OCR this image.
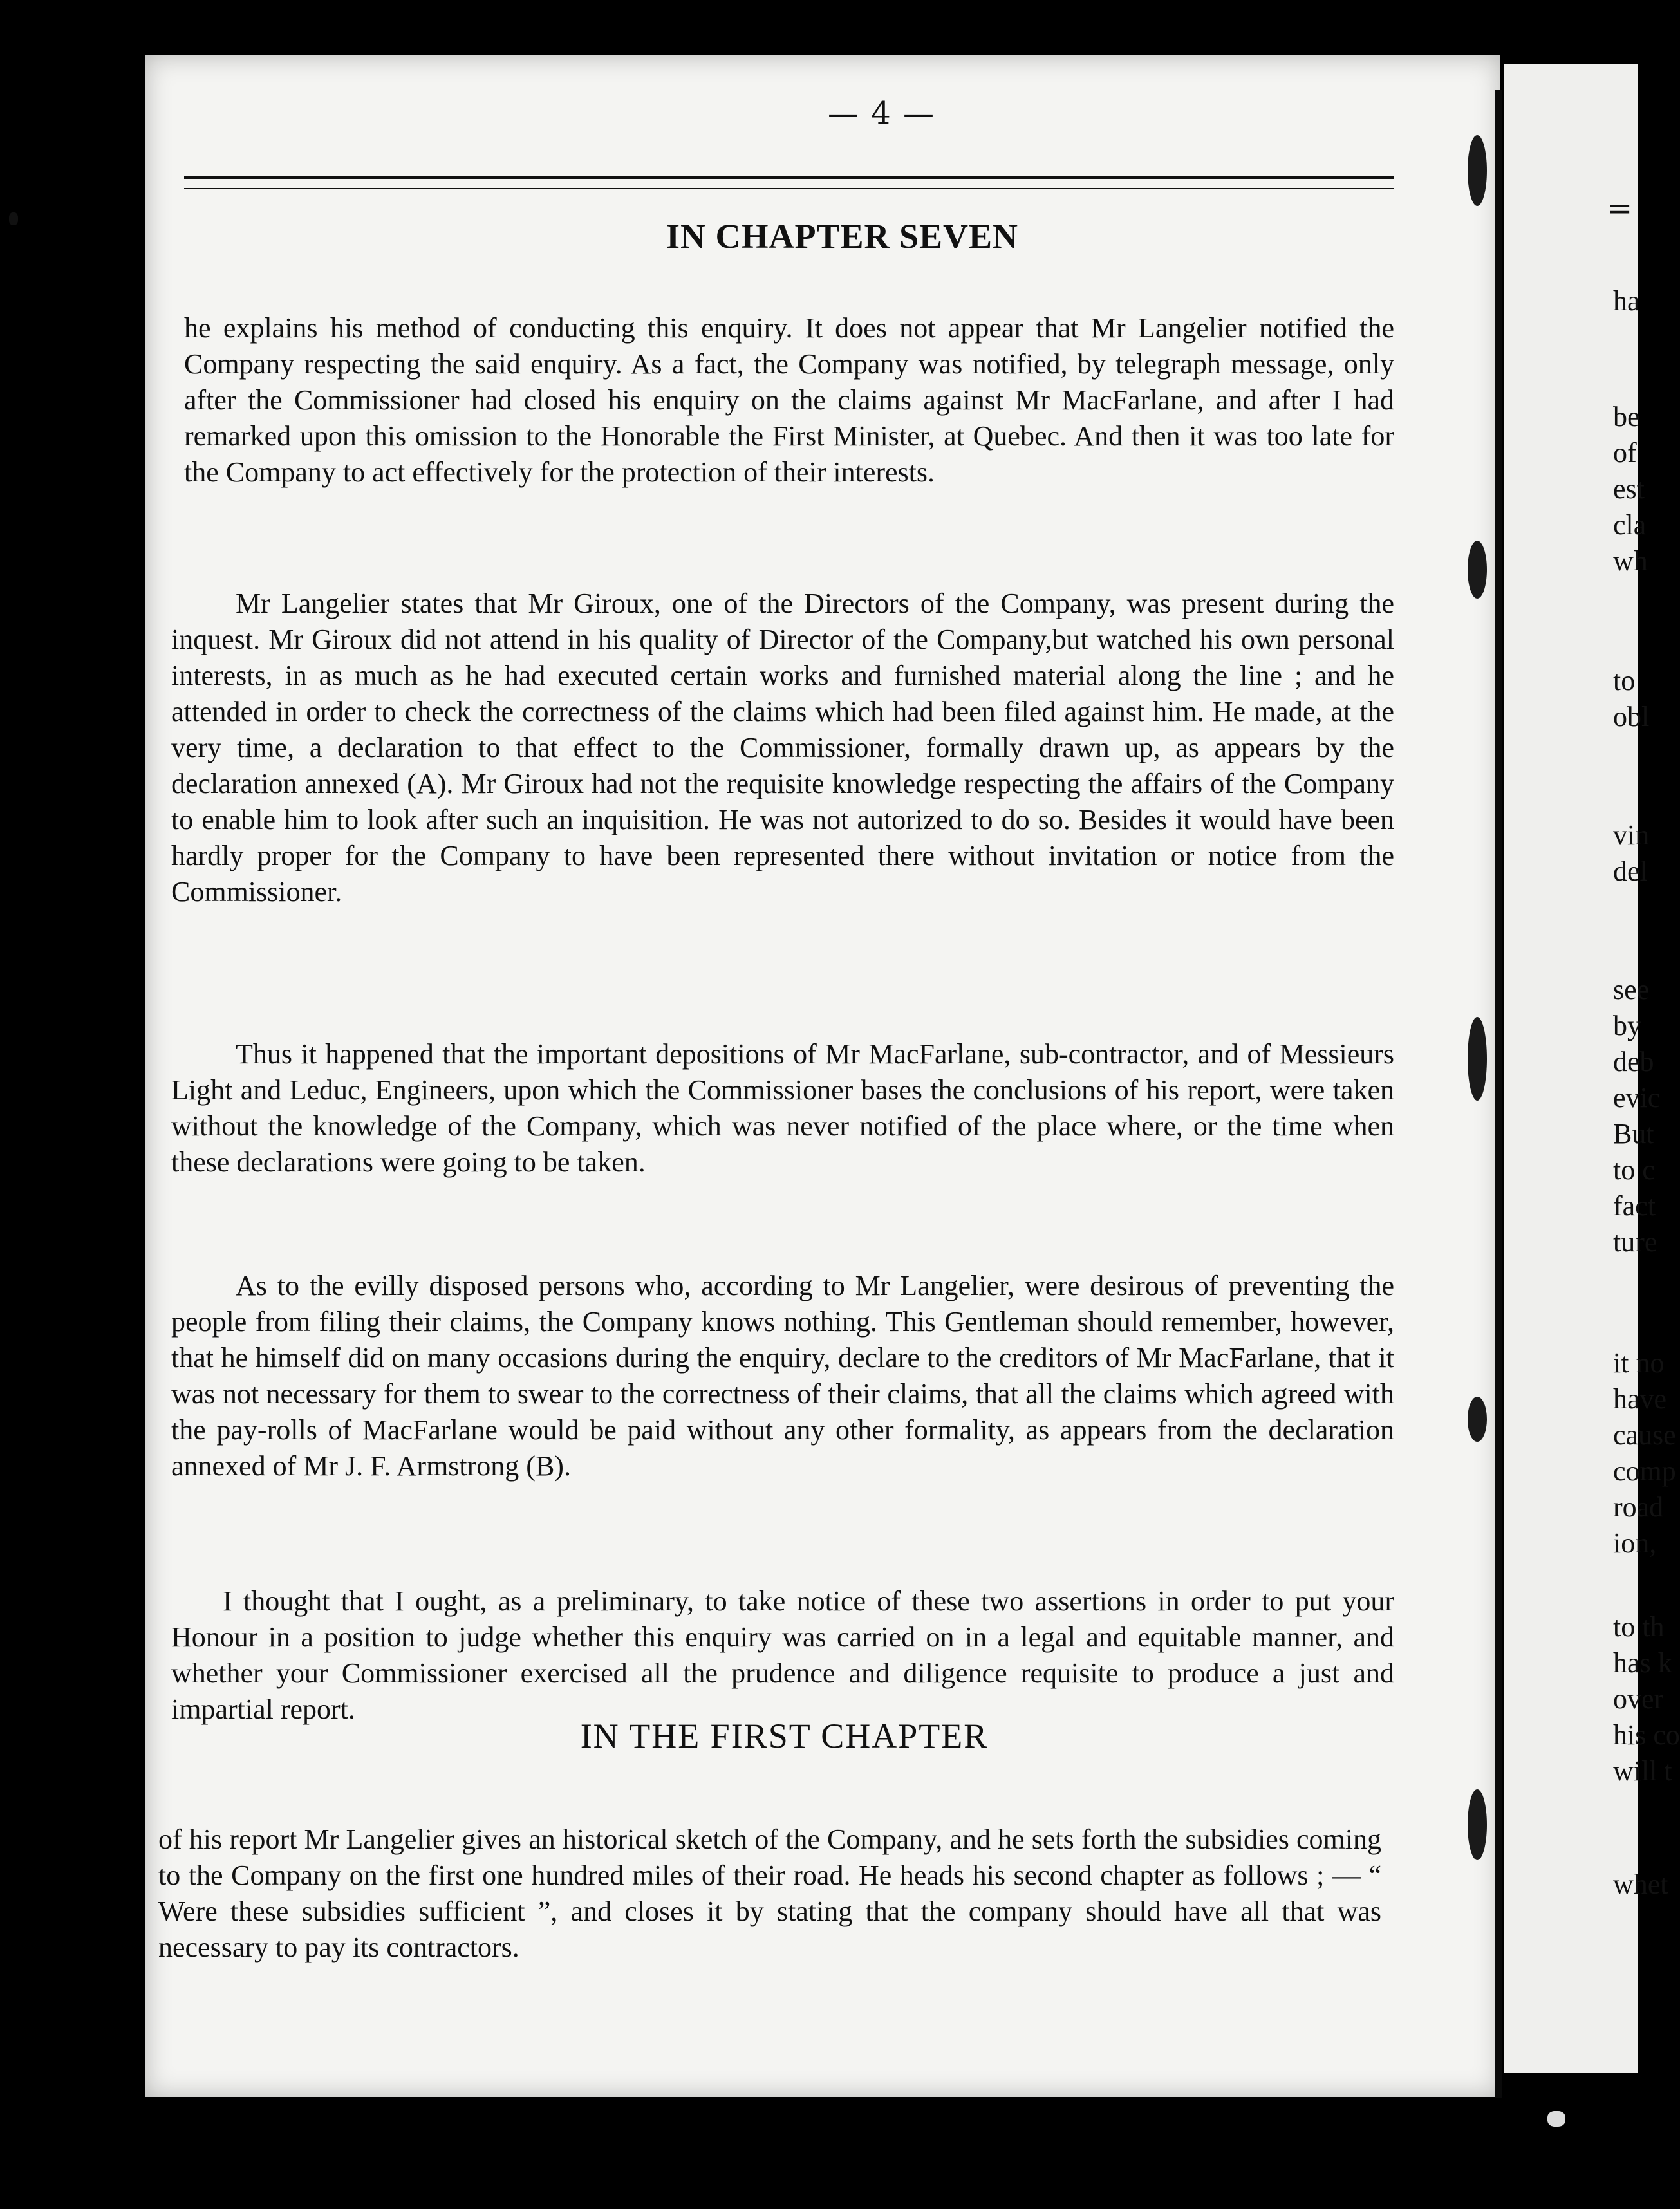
— 4 —
IN CHAPTER SEVEN

he explains his method of conducting this enquiry. It does not appear that Mr Langelier notified the Company respecting the said enquiry. As a fact, the Company was notified, by telegraph message, only after the Commissioner had closed his enquiry on the claims against Mr MacFarlane, and after I had remarked upon this omission to the Honorable the First Minister, at Quebec. And then it was too late for the Company to act effectively for the protection of their interests.

Mr Langelier states that Mr Giroux, one of the Directors of the Company, was present during the inquest. Mr Giroux did not attend in his quality of Director of the Company,but watched his own personal interests, in as much as he had executed certain works and furnished material along the line ; and he attended in order to check the correctness of the claims which had been filed against him. He made, at the very time, a declaration to that effect to the Commissioner, formally drawn up, as appears by the declaration annexed (A). Mr Giroux had not the requisite knowledge respecting the affairs of the Company to enable him to look after such an inquisition. He was not autorized to do so. Besides it would have been hardly proper for the Company to have been represented there without invitation or notice from the Commissioner.

Thus it happened that the important depositions of Mr MacFarlane, sub-contractor, and of Messieurs Light and Leduc, Engineers, upon which the Commissioner bases the conclusions of his report, were taken without the knowledge of the Company, which was never notified of the place where, or the time when these declarations were going to be taken.

As to the evilly disposed persons who, according to Mr Langelier, were desirous of preventing the people from filing their claims, the Company knows nothing. This Gentleman should remember, however, that he himself did on many occasions during the enquiry, declare to the creditors of Mr MacFarlane, that it was not necessary for them to swear to the correctness of their claims, that all the claims which agreed with the pay-rolls of MacFarlane would be paid without any other formality, as appears from the declaration annexed of Mr J. F. Armstrong (B).

I thought that I ought, as a preliminary, to take notice of these two assertions in order to put your Honour in a position to judge whether this enquiry was carried on in a legal and equitable manner, and whether your Commissioner exercised all the prudence and diligence requisite to produce a just and impartial report.

IN THE FIRST CHAPTER

of his report Mr Langelier gives an historical sketch of the Company, and he sets forth the subsidies coming to the Company on the first one hundred miles of their road. He heads his second chapter as follows ; — “ Were these subsidies sufficient ”, and closes it by stating that the company should have all that was necessary to pay its contractors.

=
ha
be
of
est
cla
wh
to
obl
vin
del
see
by
deb
evic
But
to c
fact
ture
it no
have
cause
comp
road
ion,
to th
has k
over
his co
will t
whet
